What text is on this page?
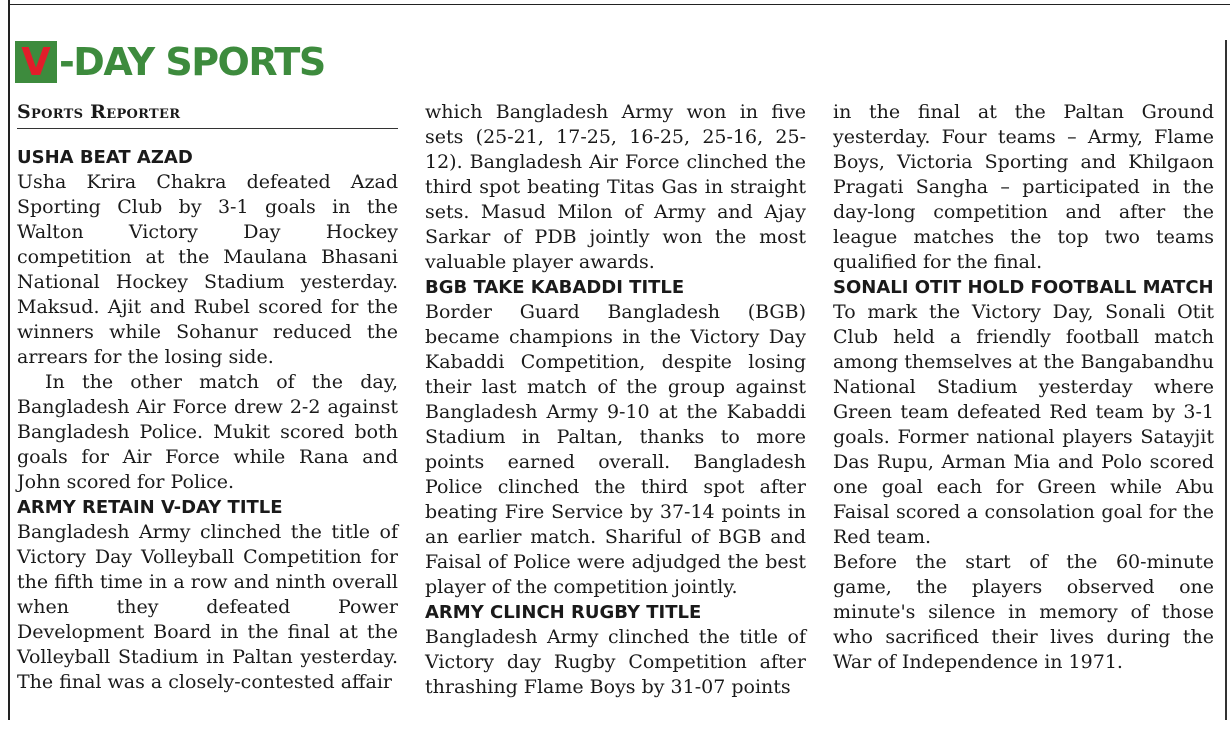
V -DAY SPORTS
Sports Reporter
USHA BEAT AZAD

Usha Krira Chakra defeated Azad Sporting Club by 3-1 goals in the Walton Victory Day Hockey competition at the Maulana Bhasani National Hockey Stadium yesterday. Maksud. Ajit and Rubel scored for the winners while Sohanur reduced the arrears for the losing side.

In the other match of the day, Bangladesh Air Force drew 2-2 against Bangladesh Police. Mukit scored both goals for Air Force while Rana and John scored for Police.

ARMY RETAIN V-DAY TITLE

Bangladesh Army clinched the title of Victory Day Volleyball Competition for the fifth time in a row and ninth overall when they defeated Power Development Board in the final at the Volleyball Stadium in Paltan yesterday. The final was a closely-contested affair

which Bangladesh Army won in five sets (25-21, 17-25, 16-25, 25-16, 25-12). Bangladesh Air Force clinched the third spot beating Titas Gas in straight sets. Masud Milon of Army and Ajay Sarkar of PDB jointly won the most valuable player awards.

BGB TAKE KABADDI TITLE

Border Guard Bangladesh (BGB) became champions in the Victory Day Kabaddi Competition, despite losing their last match of the group against Bangladesh Army 9-10 at the Kabaddi Stadium in Paltan, thanks to more points earned overall. Bangladesh Police clinched the third spot after beating Fire Service by 37-14 points in an earlier match. Shariful of BGB and Faisal of Police were adjudged the best player of the competition jointly.

ARMY CLINCH RUGBY TITLE

Bangladesh Army clinched the title of Victory day Rugby Competition after thrashing Flame Boys by 31-07 points

in the final at the Paltan Ground yesterday. Four teams – Army, Flame Boys, Victoria Sporting and Khilgaon Pragati Sangha – participated in the day-long competition and after the league matches the top two teams qualified for the final.

SONALI OTIT HOLD FOOTBALL MATCH

To mark the Victory Day, Sonali Otit Club held a friendly football match among themselves at the Bangabandhu National Stadium yesterday where Green team defeated Red team by 3-1 goals. Former national players Satayjit Das Rupu, Arman Mia and Polo scored one goal each for Green while Abu Faisal scored a consolation goal for the Red team.

Before the start of the 60-minute game, the players observed one minute's silence in memory of those who sacrificed their lives during the War of Independence in 1971.
